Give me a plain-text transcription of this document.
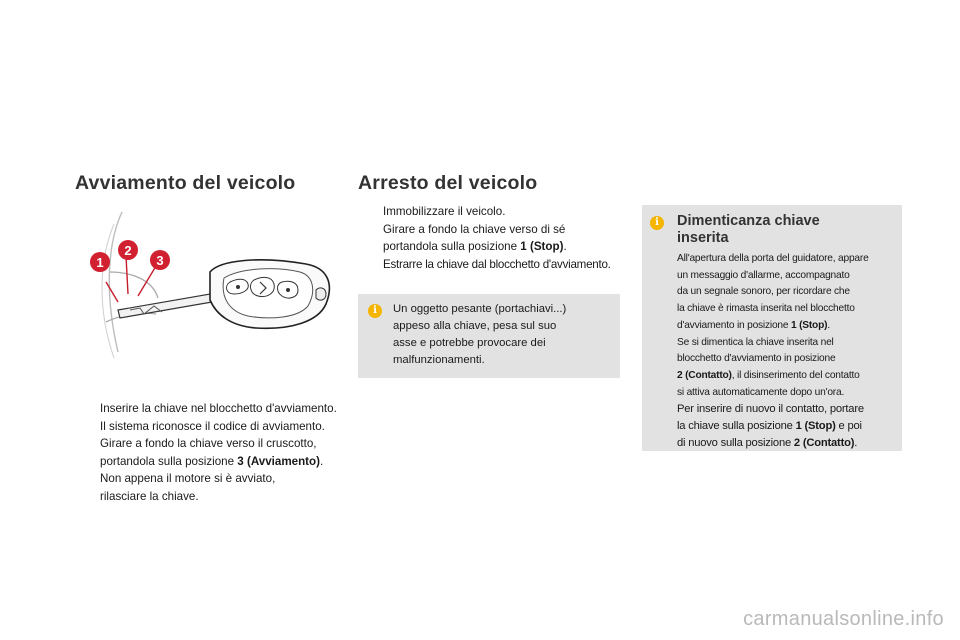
Avviamento del veicolo
1
2
3
Inserire la chiave nel blocchetto d'avviamento.
Il sistema riconosce il codice di avviamento.
Girare a fondo la chiave verso il cruscotto,
portandola sulla posizione 3 (Avviamento).
Non appena il motore si è avviato,
rilasciare la chiave.
Arresto del veicolo
Immobilizzare il veicolo.
Girare a fondo la chiave verso di sé
portandola sulla posizione 1 (Stop).
Estrarre la chiave dal blocchetto d'avviamento.
i	Un oggetto pesante (portachiavi...)
appeso alla chiave, pesa sul suo
asse e potrebbe provocare dei
malfunzionamenti.
i	Dimenticanza chiave
inserita
All'apertura della porta del guidatore, appare
un messaggio d'allarme, accompagnato
da un segnale sonoro, per ricordare che
la chiave è rimasta inserita nel blocchetto
d'avviamento in posizione 1 (Stop).
Se si dimentica la chiave inserita nel
blocchetto d'avviamento in posizione
2 (Contatto), il disinserimento del contatto
si attiva automaticamente dopo un'ora.
Per inserire di nuovo il contatto, portare
la chiave sulla posizione 1 (Stop) e poi
di nuovo sulla posizione 2 (Contatto).
carmanualsonline.info
